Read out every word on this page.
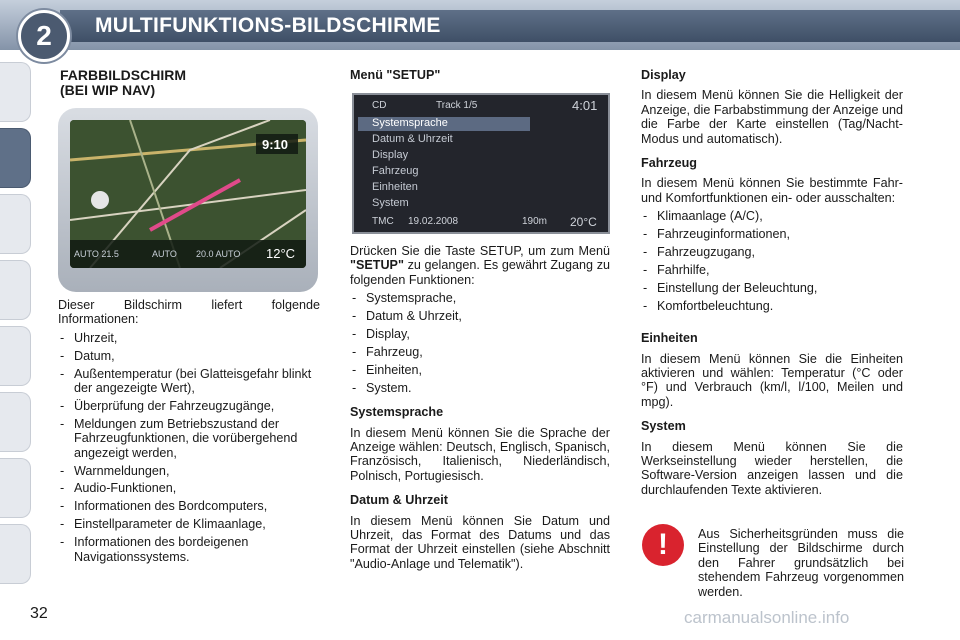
2	MULTIFUNKTIONS-BILDSCHIRME

FARBBILDSCHIRM

(BEI WIP NAV)

9:10
AUTO 21.5	AUTO 20.0 AUTO 12°C

Dieser Bildschirm liefert folgende Informationen:

- Uhrzeit,
- Datum,
- Außentemperatur (bei Glatteisgefahr blinkt der angezeigte Wert),
- Überprüfung der Fahrzeugzugänge,
- Meldungen zum Betriebszustand der Fahrzeugfunktionen, die vorübergehend angezeigt werden,
- Warnmeldungen,
- Audio-Funktionen,
- Informationen des Bordcomputers,
- Einstellparameter de Klimaanlage,
- Informationen des bordeigenen Navigationssystems.

Menü "SETUP"

CD	Track 1/5	4:01
Systemsprache
Datum & Uhrzeit
Display
Fahrzeug
Einheiten
System
TMC 19.02.2008	190m 20°C

Drücken Sie die Taste SETUP, um zum Menü "SETUP" zu gelangen. Es gewährt Zugang zu folgenden Funktionen:

- Systemsprache,
- Datum & Uhrzeit,
- Display,
- Fahrzeug,
- Einheiten,
- System.

Systemsprache

In diesem Menü können Sie die Sprache der Anzeige wählen: Deutsch, Englisch, Spanisch, Französisch, Italienisch, Niederländisch, Polnisch, Portugiesisch.

Datum & Uhrzeit

In diesem Menü können Sie Datum und Uhrzeit, das Format des Datums und das Format der Uhrzeit einstellen (siehe Abschnitt "Audio-Anlage und Telematik").

Display

In diesem Menü können Sie die Helligkeit der Anzeige, die Farbabstimmung der Anzeige und die Farbe der Karte einstellen (Tag/Nacht-Modus und automatisch).

Fahrzeug

In diesem Menü können Sie bestimmte Fahr- und Komfortfunktionen ein- oder ausschalten:

- Klimaanlage (A/C),
- Fahrzeuginformationen,
- Fahrzeugzugang,
- Fahrhilfe,
- Einstellung der Beleuchtung,
- Komfortbeleuchtung.

Einheiten

In diesem Menü können Sie die Einheiten aktivieren und wählen: Temperatur (°C oder °F) und Verbrauch (km/l, l/100, Meilen und mpg).

System

In diesem Menü können Sie die Werkseinstellung wieder herstellen, die Software-Version anzeigen lassen und die durchlaufenden Texte aktivieren.

!	Aus Sicherheitsgründen muss die Einstellung der Bildschirme durch den Fahrer grundsätzlich bei stehendem Fahrzeug vorgenommen werden.

32	carmanualsonline.info
